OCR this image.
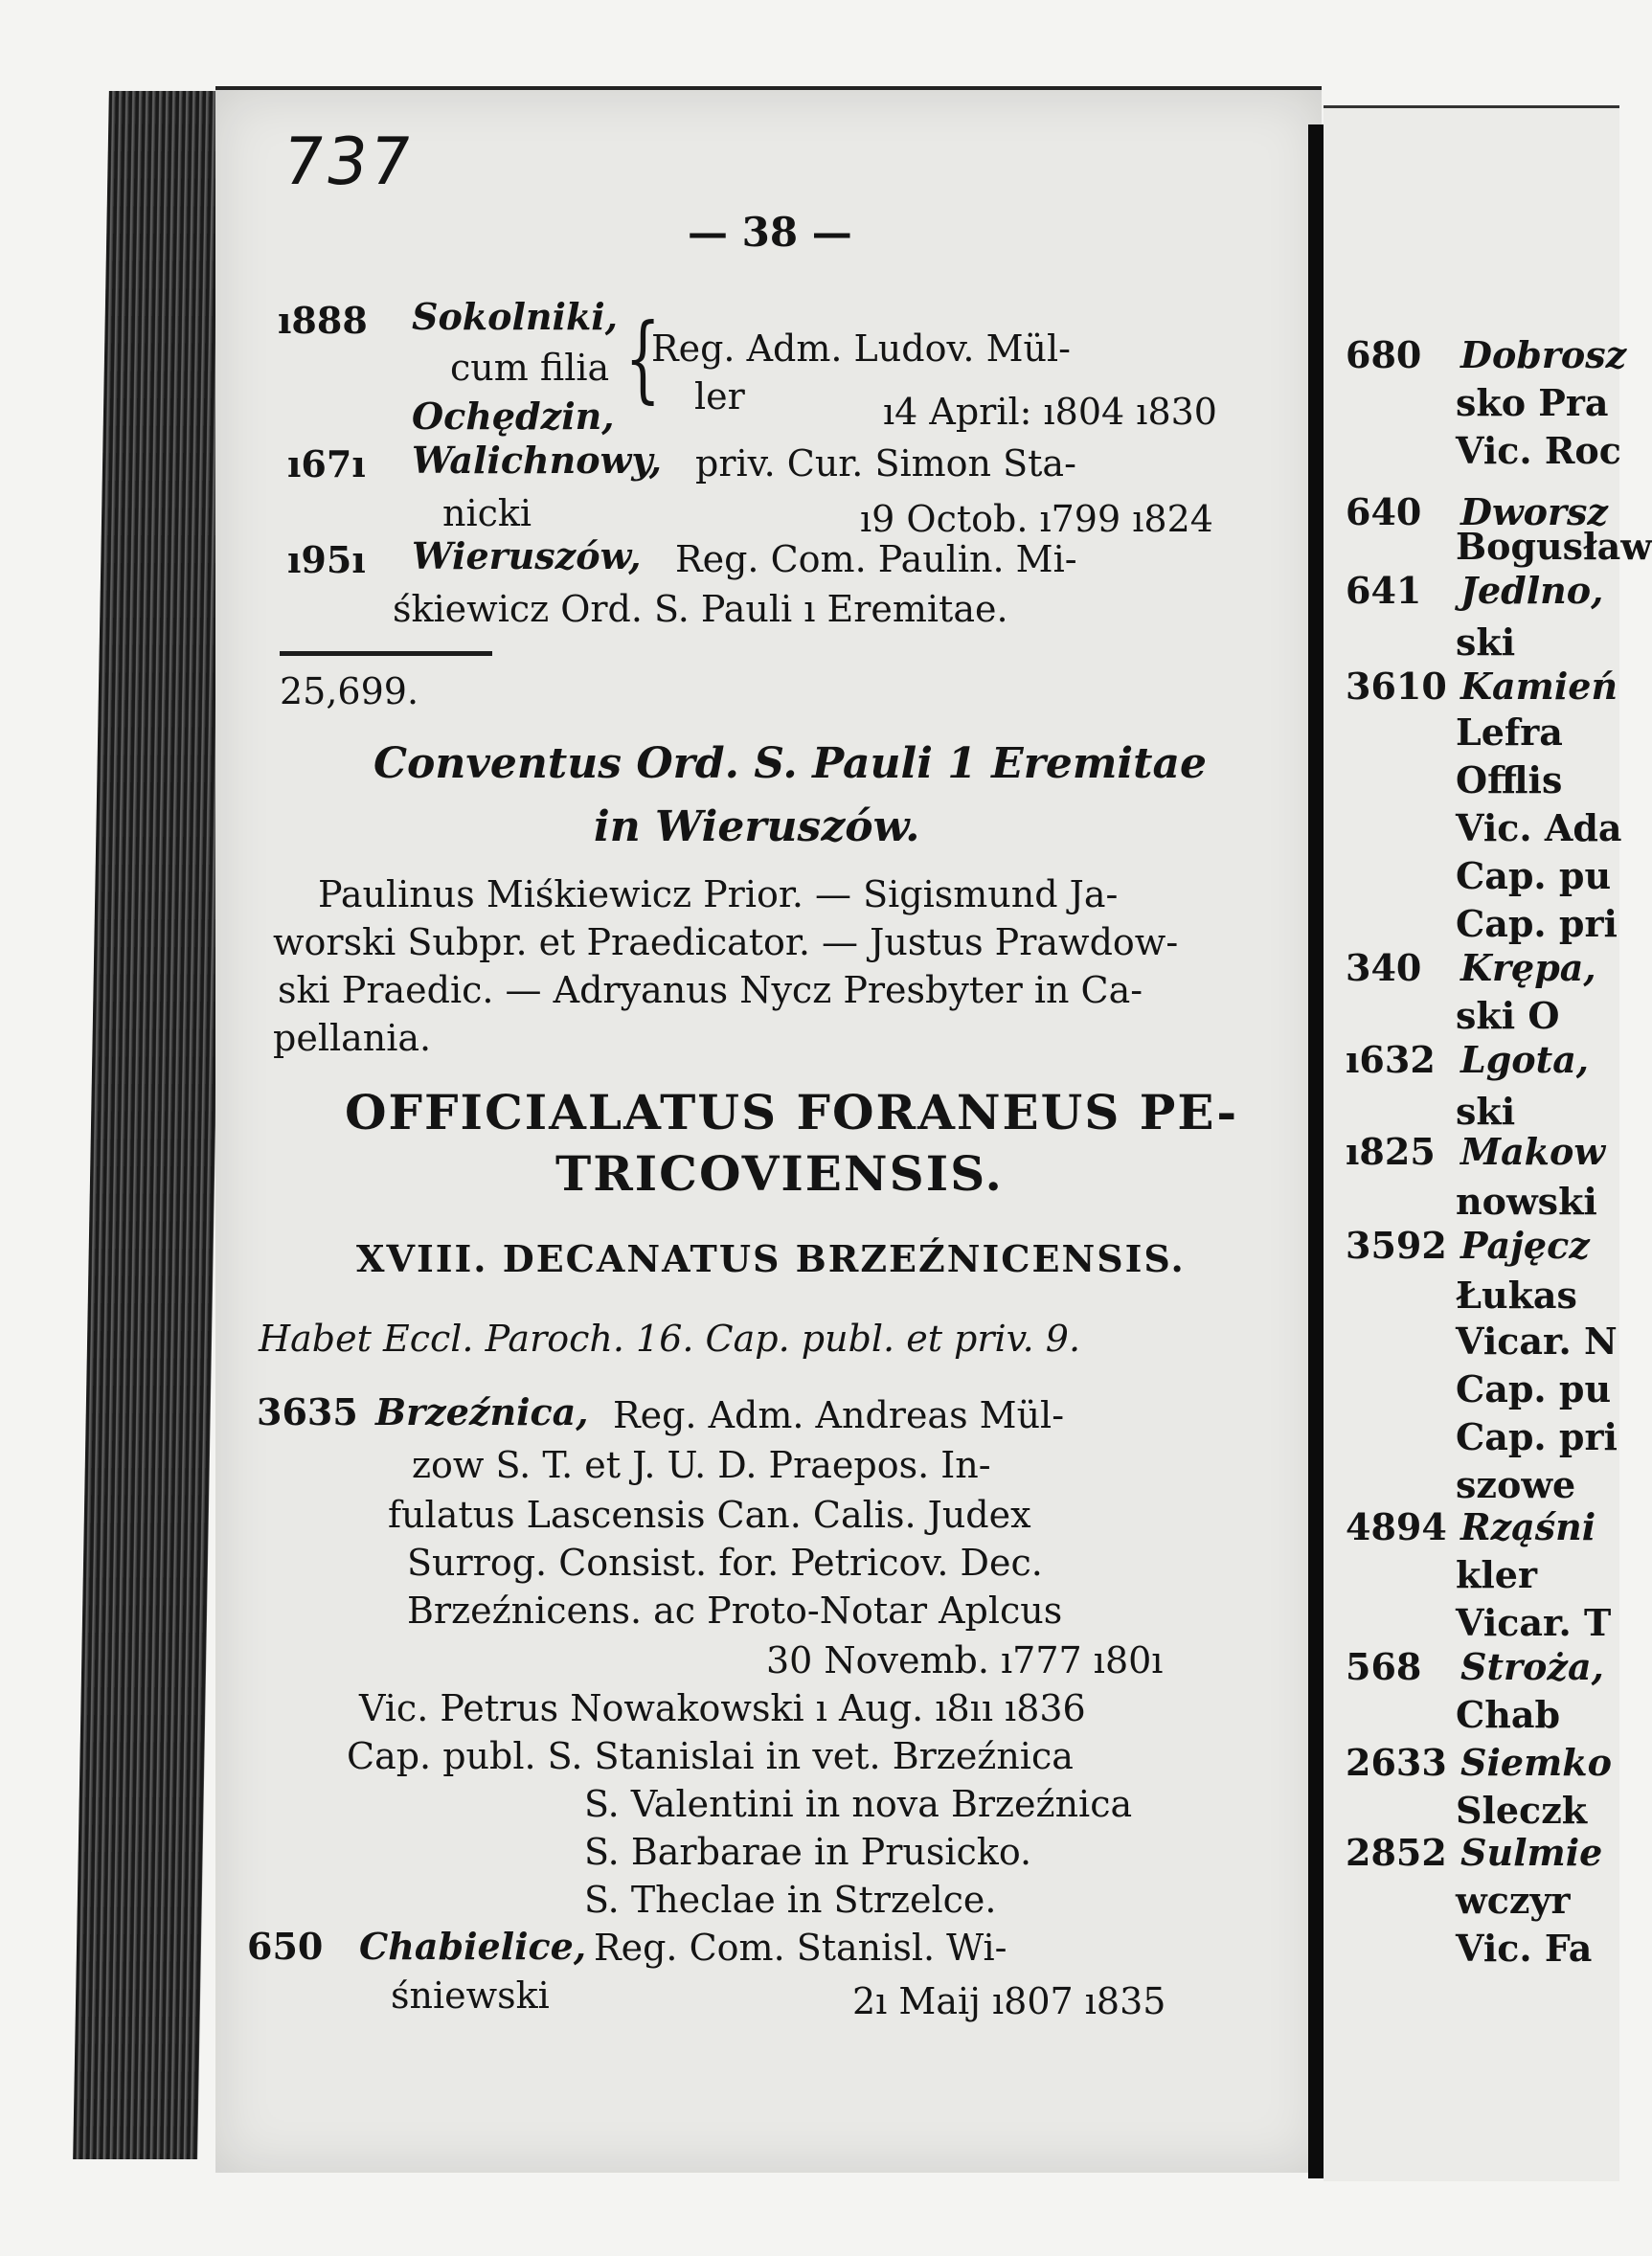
737
— 38 —
ı888 Sokolniki,
cum filia
Ochędzin,
{
Reg. Adm. Ludov. Mül-
ler	ı4 April: ı804 ı830
ı67ı Walichnowy, priv. Cur. Simon Sta-
nicki	ı9 Octob. ı799 ı824
ı95ı Wieruszów, Reg. Com. Paulin. Mi-
śkiewicz Ord. S. Pauli ı Eremitae.
25,699.
Conventus Ord. S. Pauli 1 Eremitae
in Wieruszów.
Paulinus Miśkiewicz Prior. — Sigismund Ja-
worski Subpr. et Praedicator. — Justus Prawdow-
ski Praedic. — Adryanus Nycz Presbyter in Ca-
pellania.
OFFICIALATUS FORANEUS PE-
TRICOVIENSIS.
XVIII. DECANATUS BRZEŹNICENSIS.
Habet Eccl. Paroch. 16. Cap. publ. et priv. 9.
3635 Brzeźnica, Reg. Adm. Andreas Mül-
zow S. T. et J. U. D. Praepos. In-
fulatus Lascensis Can. Calis. Judex
Surrog. Consist. for. Petricov. Dec.
Brzeźnicens. ac Proto-Notar Aplcus
30 Novemb. ı777 ı80ı
Vic. Petrus Nowakowski ı Aug. ı8ıı ı836
Cap. publ. S. Stanislai in vet. Brzeźnica
S. Valentini in nova Brzeźnica
S. Barbarae in Prusicko.
S. Theclae in Strzelce.
650 Chabielice, Reg. Com. Stanisl. Wi-
śniewski	2ı Maij ı807 ı835
680 Dobrosz
sko Pra
Vic. Roc
640 Dworsz
Bogusław
641 Jedlno,
ski
3610 Kamień
Lefra
Offlis
Vic. Ada
Cap. pu
Cap. pri
340 Krępa,
ski O
ı632 Lgota,
ski
ı825 Makow
nowski
3592 Pajęcz
Łukas
Vicar. N
Cap. pu
Cap. pri
szowe
4894 Rząśni
kler
Vicar. T
568 Stroża,
Chab
2633 Siemko
Sleczk
2852 Sulmie
wczyr
Vic. Fa
